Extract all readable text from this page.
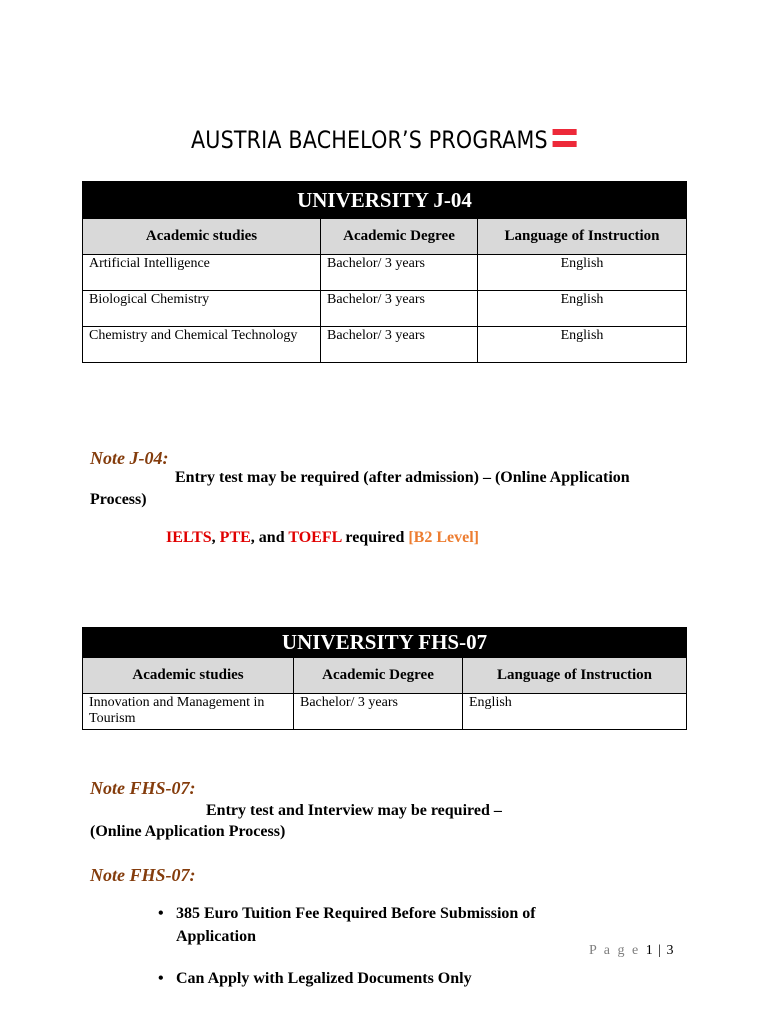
AUSTRIA BACHELOR’S PROGRAMS
UNIVERSITY J-04		
Academic studies	Academic Degree	Language of Instruction
Artificial Intelligence	Bachelor/ 3 years	English
Biological Chemistry	Bachelor/ 3 years	English
Chemistry and Chemical Technology	Bachelor/ 3 years	English
Note J-04:
Entry test may be required (after admission) – (Online Application
Process)
IELTS, PTE, and TOEFL required [B2 Level]
UNIVERSITY FHS-07		
Academic studies	Academic Degree	Language of Instruction
Innovation and Management in Tourism	Bachelor/ 3 years	English
Note FHS-07:
Entry test and Interview may be required –
(Online Application Process)
Note FHS-07:
• 385 Euro Tuition Fee Required Before Submission of Application
• Can Apply with Legalized Documents Only
P a g e 1 | 3
